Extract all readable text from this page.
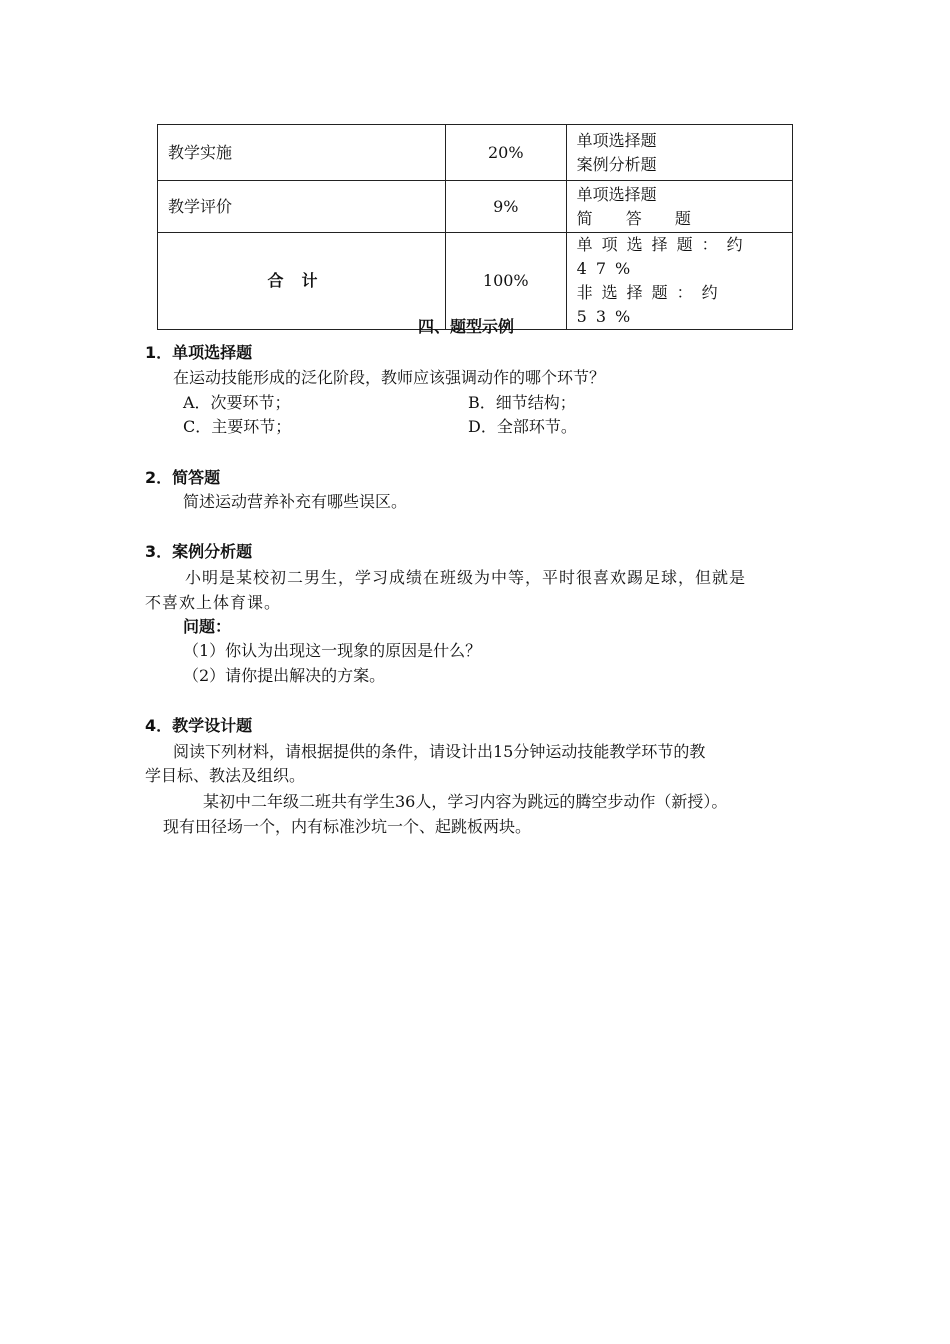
教学实施	20%	单项选择题
案例分析题

教学评价	9%	单项选择题
简 答 题

合计	100%	单项选择题：约47%
非选择题：约53%
四、题型示例
1．单项选择题
在运动技能形成的泛化阶段，教师应该强调动作的哪个环节？
A．次要环节；	B．细节结构；
C．主要环节；	D．全部环节。
2．简答题
简述运动营养补充有哪些误区。
3．案例分析题
小明是某校初二男生，学习成绩在班级为中等，平时很喜欢踢足球，但就是
不喜欢上体育课。
问题：
（1）你认为出现这一现象的原因是什么？
（2）请你提出解决的方案。
4．教学设计题
阅读下列材料，请根据提供的条件，请设计出15分钟运动技能教学环节的教
学目标、教法及组织。
某初中二年级二班共有学生36人，学习内容为跳远的腾空步动作（新授）。
现有田径场一个，内有标准沙坑一个、起跳板两块。
